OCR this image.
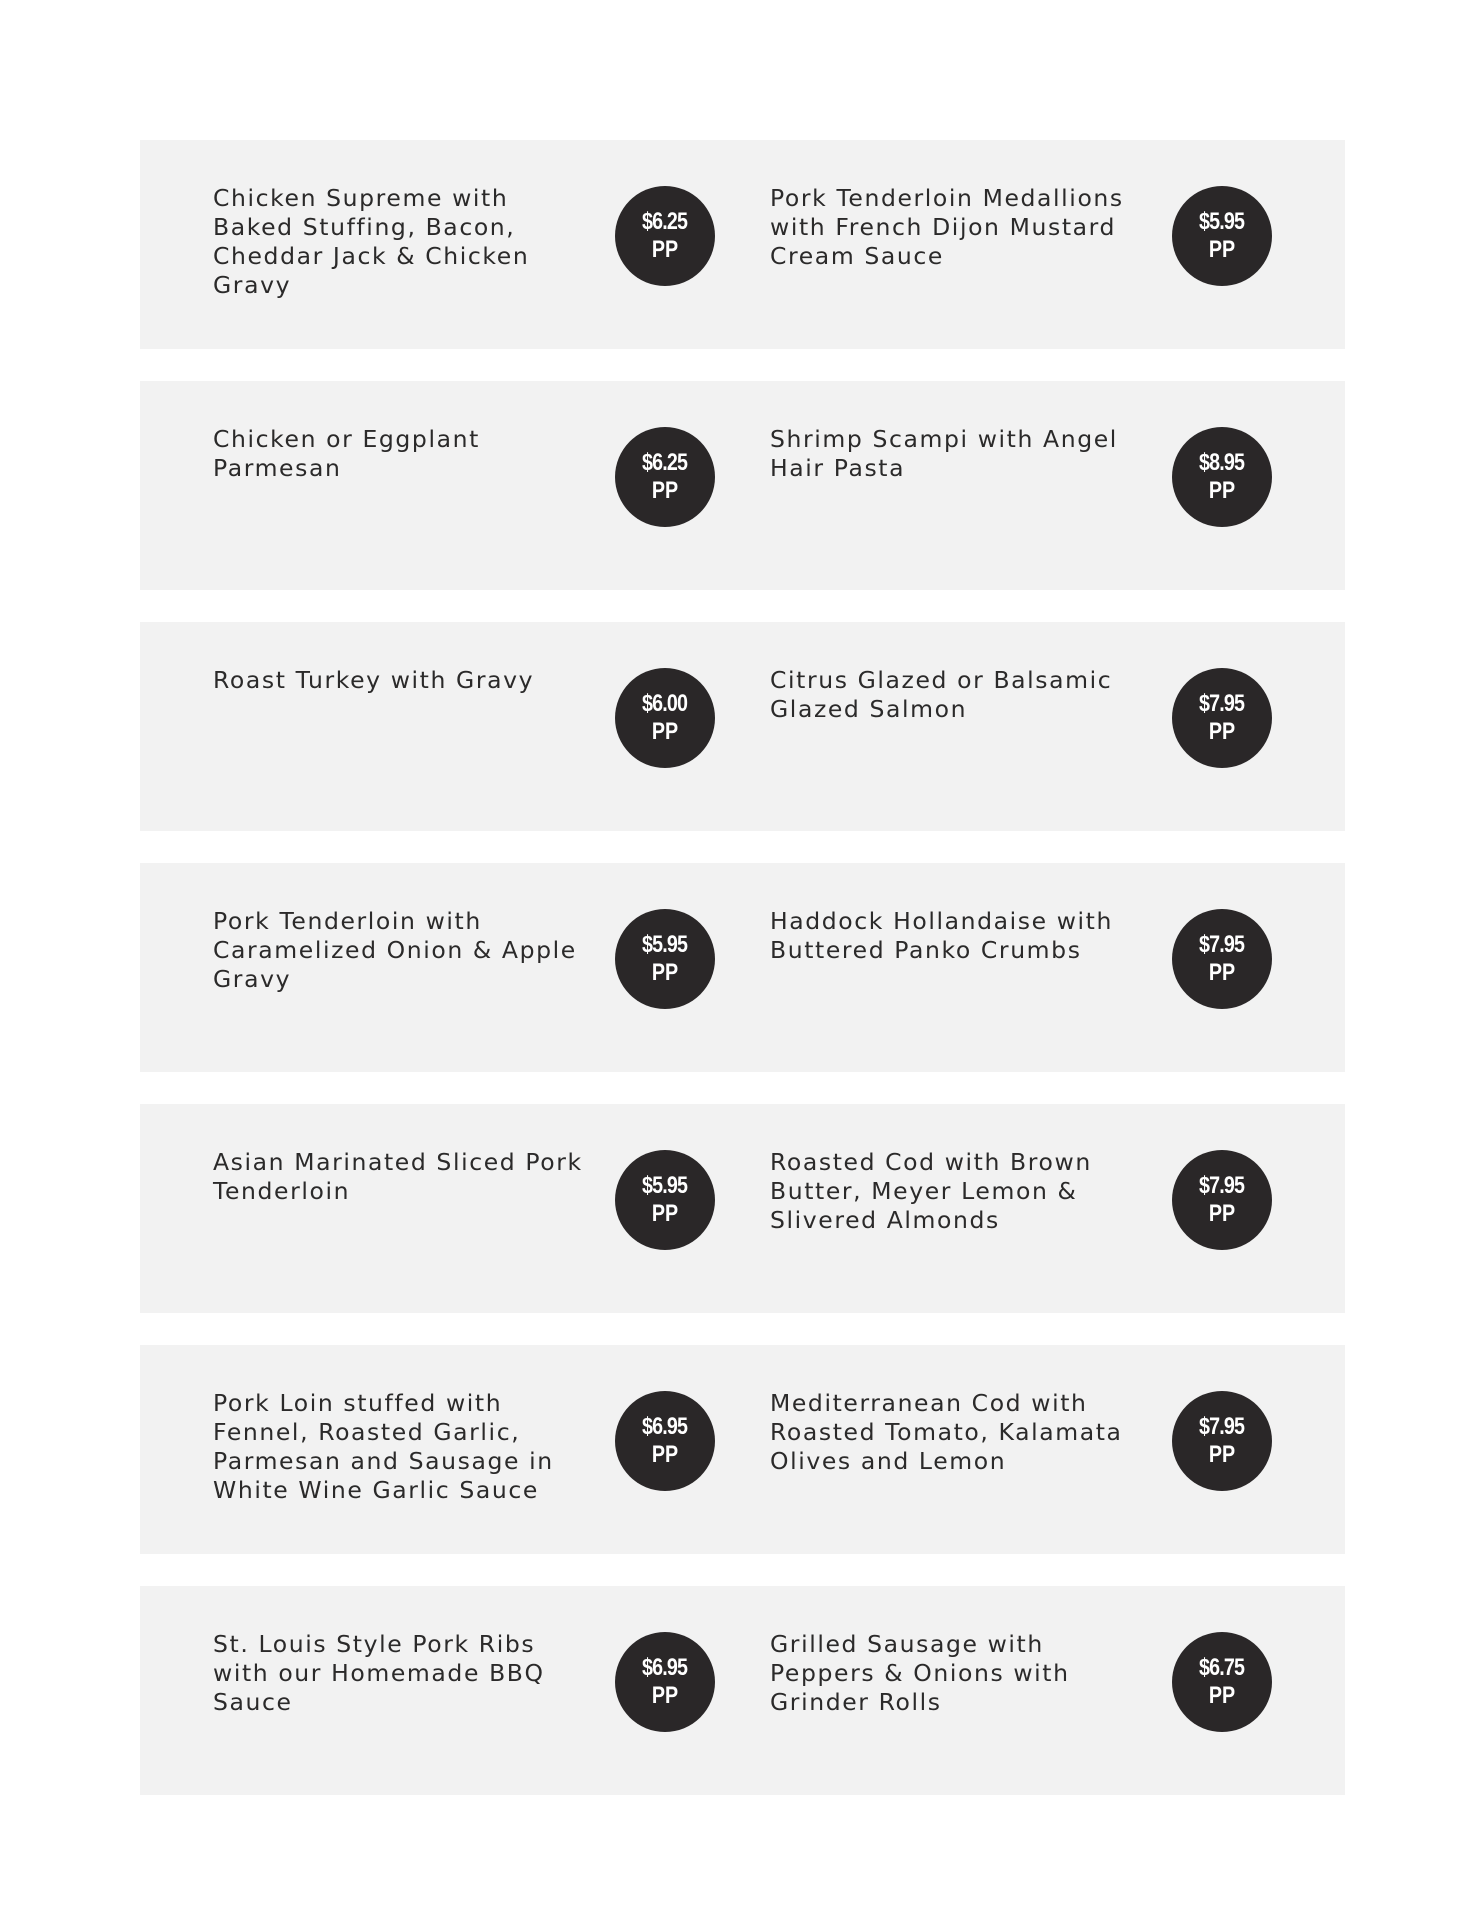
Chicken Supreme with Baked Stuffing, Bacon, Cheddar Jack & Chicken Gravy
$6.25
PP
Pork Tenderloin Medallions with French Dijon Mustard Cream Sauce
$5.95
PP
Chicken or Eggplant Parmesan	$6.25
PP
Shrimp Scampi with Angel Hair Pasta	$8.95
PP
Roast Turkey with Gravy
$6.00
PP
Citrus Glazed or Balsamic Glazed Salmon	$7.95
PP
Pork Tenderloin with Caramelized Onion & Apple Gravy
$5.95
PP
Haddock Hollandaise with Buttered Panko Crumbs	$7.95
PP
Asian Marinated Sliced Pork Tenderloin	$5.95
PP
Roasted Cod with Brown Butter, Meyer Lemon & Slivered Almonds
$7.95
PP
Pork Loin stuffed with Fennel, Roasted Garlic, Parmesan and Sausage in White Wine Garlic Sauce
$6.95
PP
Mediterranean Cod with Roasted Tomato, Kalamata Olives and Lemon
$7.95
PP
St. Louis Style Pork Ribs with our Homemade BBQ Sauce
$6.95
PP
Grilled Sausage with Peppers & Onions with Grinder Rolls
$6.75
PP
